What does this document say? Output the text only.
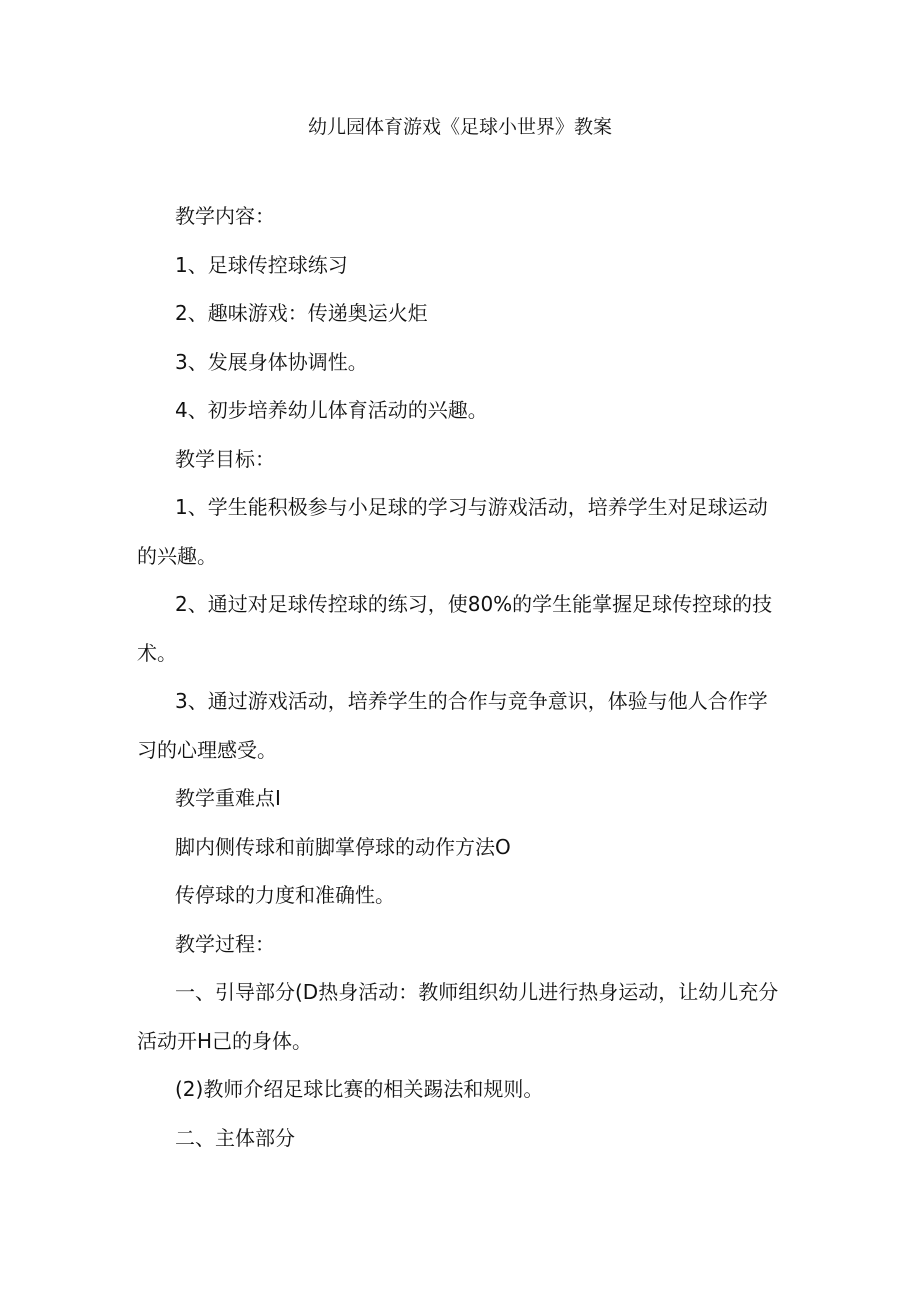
幼儿园体育游戏《足球小世界》教案

教学内容：

1、足球传控球练习

2、趣味游戏：传递奥运火炬

3、发展身体协调性。

4、初步培养幼儿体育活动的兴趣。

教学目标：

1、学生能积极参与小足球的学习与游戏活动，培养学生对足球运动的兴趣。

2、通过对足球传控球的练习，使80%的学生能掌握足球传控球的技术。

3、通过游戏活动，培养学生的合作与竞争意识，体验与他人合作学习的心理感受。

教学重难点I

脚内侧传球和前脚掌停球的动作方法O

传停球的力度和准确性。

教学过程：

一、引导部分(D热身活动：教师组织幼儿进行热身运动，让幼儿充分活动开H己的身体。

(2)教师介绍足球比赛的相关踢法和规则。

二、主体部分
